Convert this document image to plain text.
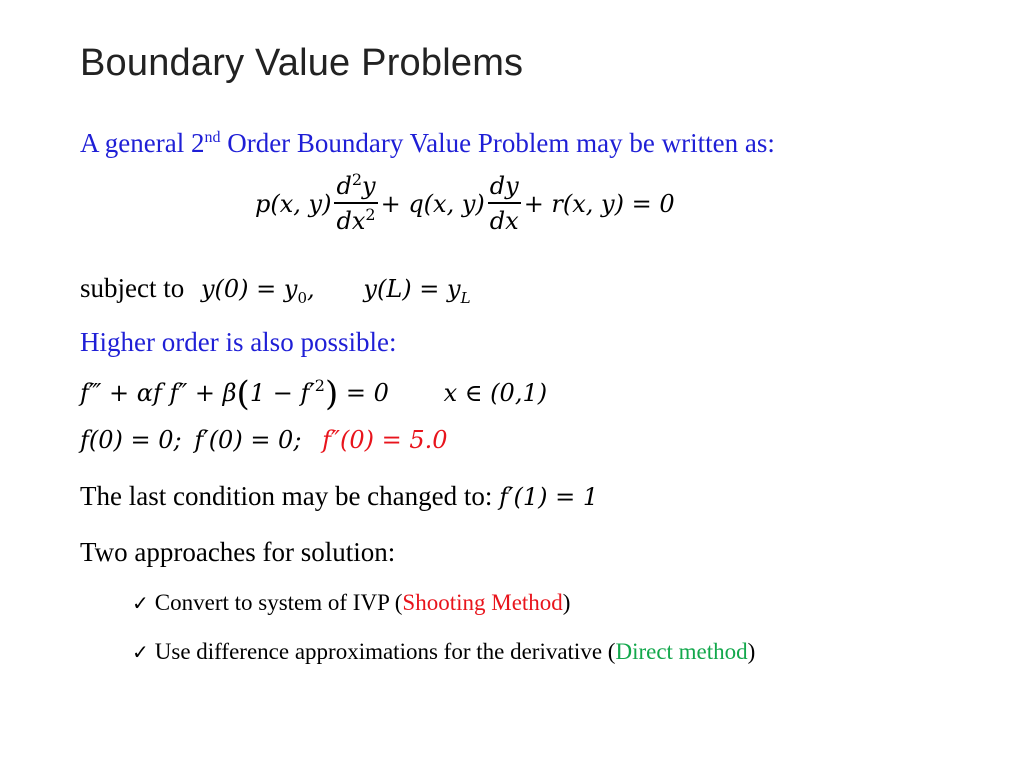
Boundary Value Problems
A general 2nd Order Boundary Value Problem may be written as:
p(x, $y) \frac{d^2y}{dx^2} + q(x$, $y) \frac{dy}{dx} + r(x$, y) = 0
subject to $y(0) = y_0$, $y(L) = y_L$
Higher order is also possible:
f‴ + αf $f'' + \beta(1 - f'^2) = 0$ x ∈ (0,1)
f(0) = 0; f′(0) = 0; f″(0) = 5.0
The last condition may be changed to: f′(1) = 1
Two approaches for solution:
✓ Convert to system of IVP (Shooting Method)
✓ Use difference approximations for the derivative (Direct method)
